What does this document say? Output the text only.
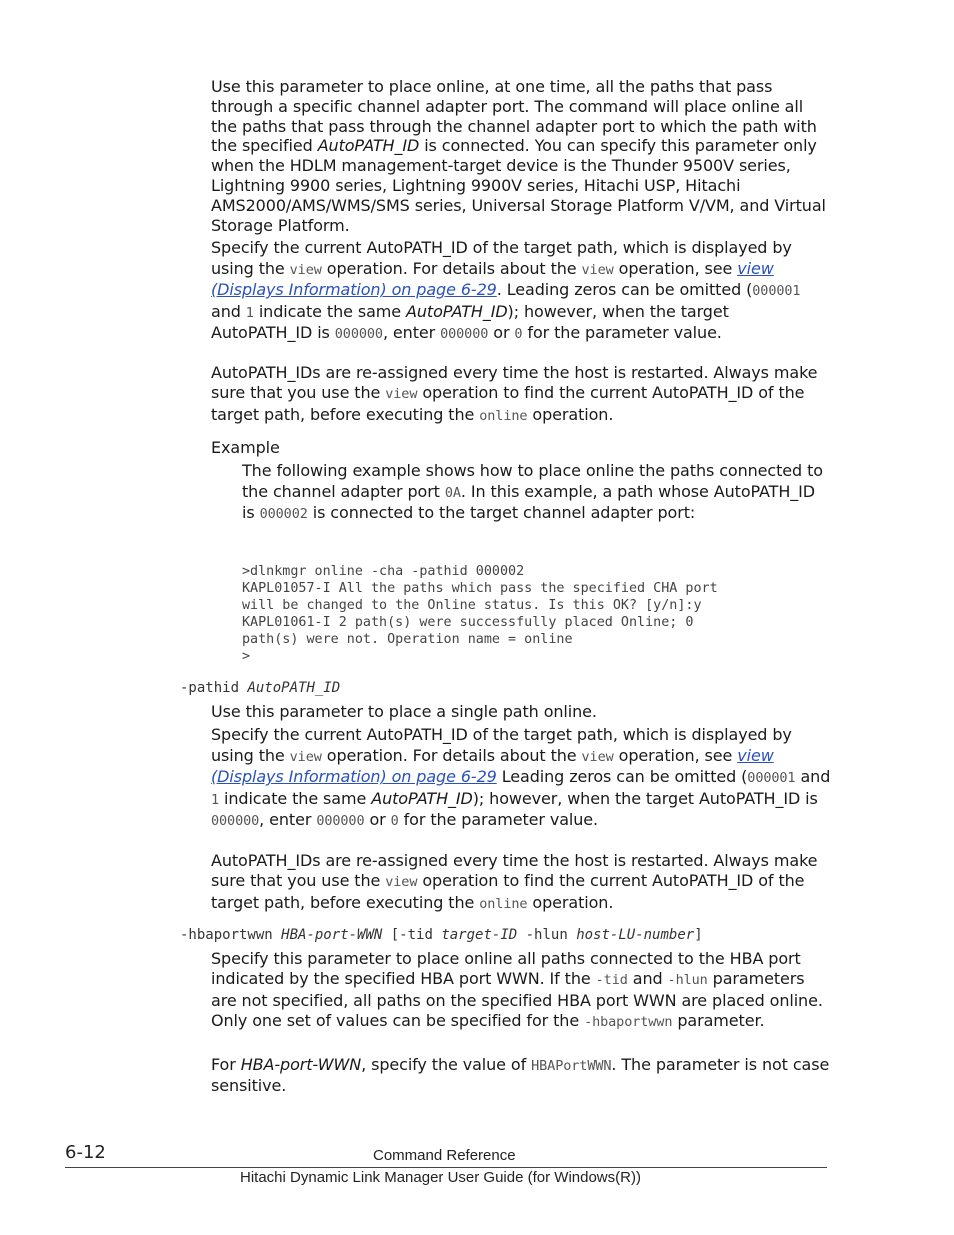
Use this parameter to place online, at one time, all the paths that pass through a specific channel adapter port. The command will place online all the paths that pass through the channel adapter port to which the path with the specified AutoPATH_ID is connected. You can specify this parameter only when the HDLM management-target device is the Thunder 9500V series, Lightning 9900 series, Lightning 9900V series, Hitachi USP, Hitachi AMS2000/AMS/WMS/SMS series, Universal Storage Platform V/VM, and Virtual Storage Platform.

Specify the current AutoPATH_ID of the target path, which is displayed by using the view operation. For details about the view operation, see view (Displays Information) on page 6-29. Leading zeros can be omitted (000001 and 1 indicate the same AutoPATH_ID); however, when the target AutoPATH_ID is 000000, enter 000000 or 0 for the parameter value.

AutoPATH_IDs are re-assigned every time the host is restarted. Always make sure that you use the view operation to find the current AutoPATH_ID of the target path, before executing the online operation.

Example

The following example shows how to place online the paths connected to the channel adapter port 0A. In this example, a path whose AutoPATH_ID is 000002 is connected to the target channel adapter port:

>dlnkmgr online -cha -pathid 000002
KAPL01057-I All the paths which pass the specified CHA port
will be changed to the Online status. Is this OK? [y/n]:y
KAPL01061-I 2 path(s) were successfully placed Online; 0
path(s) were not. Operation name = online
>
-pathid AutoPATH_ID

Use this parameter to place a single path online.

Specify the current AutoPATH_ID of the target path, which is displayed by using the view operation. For details about the view operation, see view (Displays Information) on page 6-29 Leading zeros can be omitted (000001 and 1 indicate the same AutoPATH_ID); however, when the target AutoPATH_ID is 000000, enter 000000 or 0 for the parameter value.

AutoPATH_IDs are re-assigned every time the host is restarted. Always make sure that you use the view operation to find the current AutoPATH_ID of the target path, before executing the online operation.

-hbaportwwn HBA-port-WWN [-tid target-ID -hlun host-LU-number]

Specify this parameter to place online all paths connected to the HBA port indicated by the specified HBA port WWN. If the -tid and -hlun parameters are not specified, all paths on the specified HBA port WWN are placed online. Only one set of values can be specified for the -hbaportwwn parameter.

For HBA-port-WWN, specify the value of HBAPortWWN. The parameter is not case sensitive.

6-12	Command Reference
Hitachi Dynamic Link Manager User Guide (for Windows(R))
